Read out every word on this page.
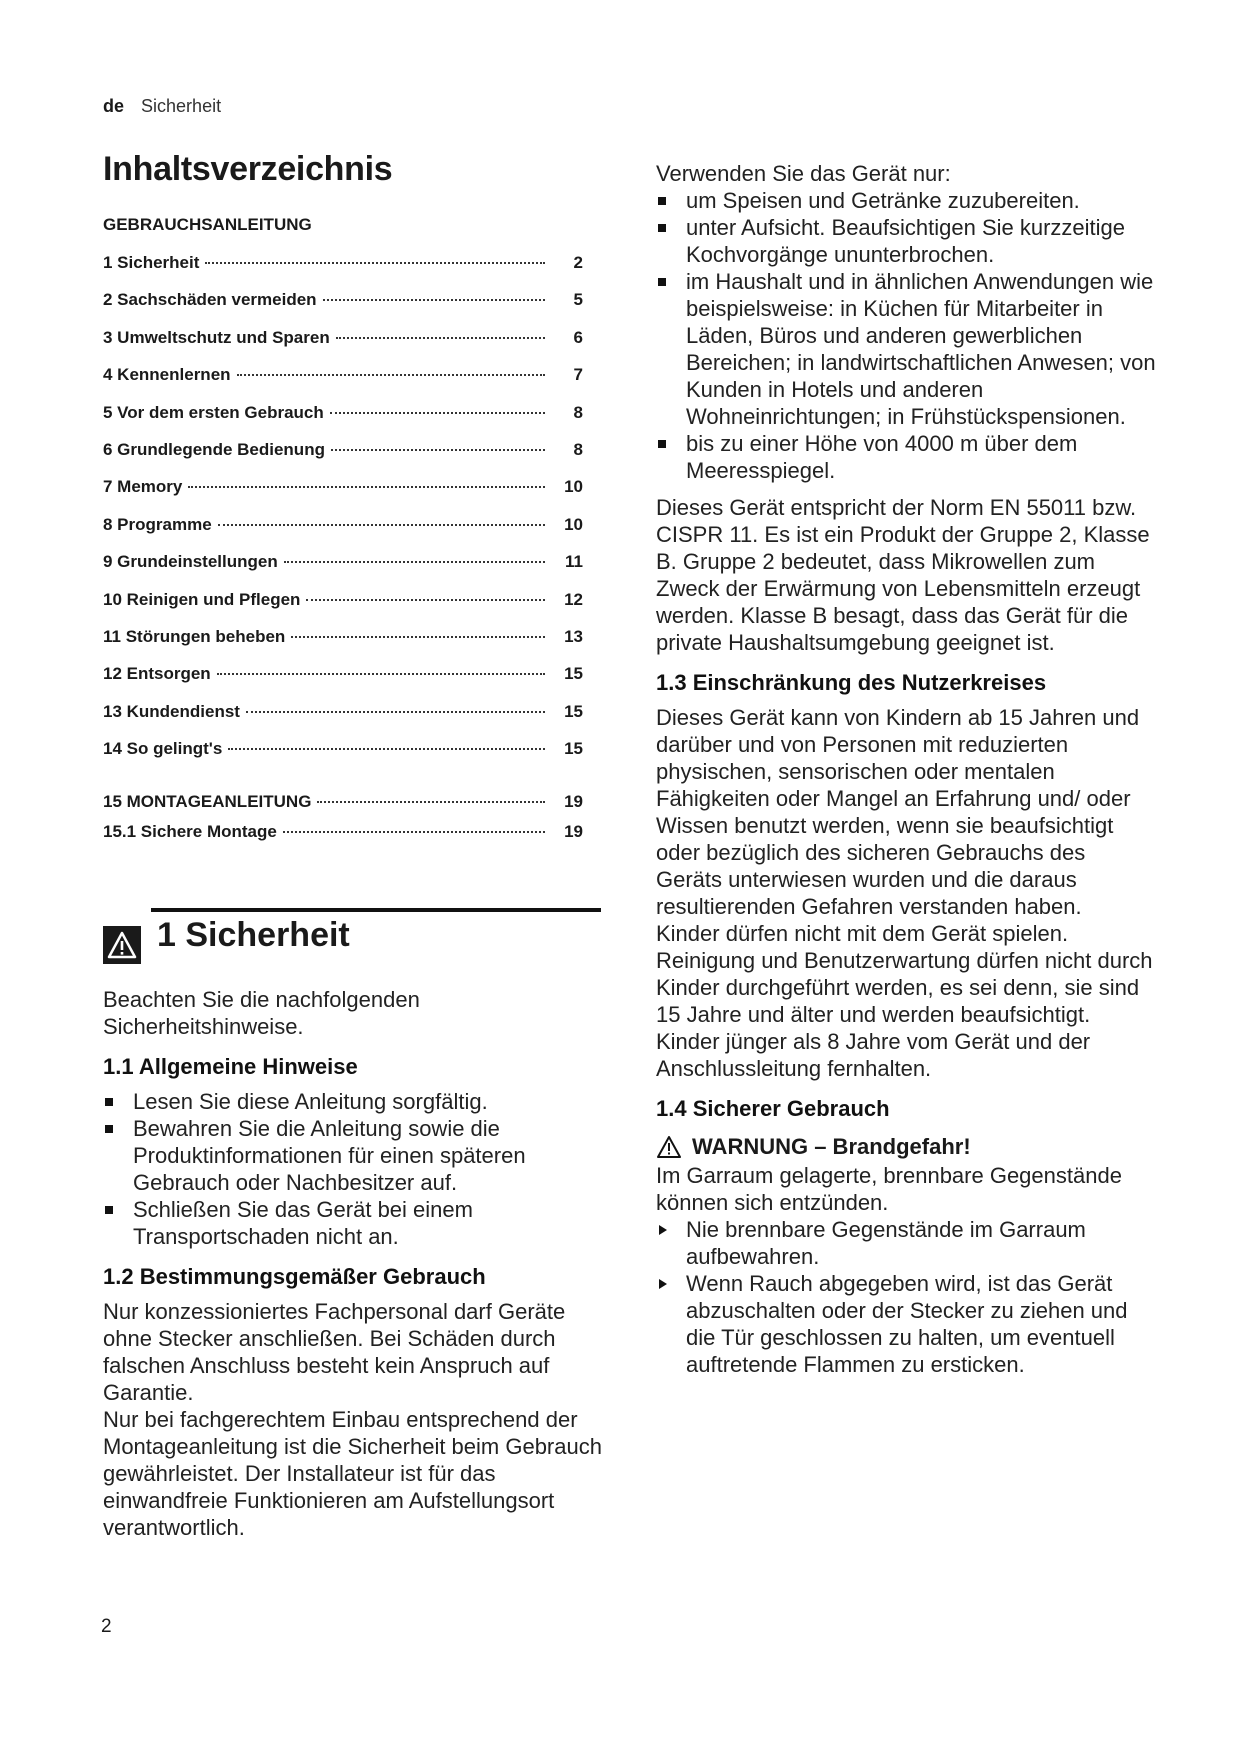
de Sicherheit
Inhaltsverzeichnis
GEBRAUCHSANLEITUNG
1 Sicherheit	2
2 Sachschäden vermeiden	5
3 Umweltschutz und Sparen	6
4 Kennenlernen	7
5 Vor dem ersten Gebrauch	8
6 Grundlegende Bedienung	8
7 Memory	10
8 Programme	10
9 Grundeinstellungen	11
10 Reinigen und Pflegen	12
11 Störungen beheben	13
12 Entsorgen	15
13 Kundendienst	15
14 So gelingt's	15
15 MONTAGEANLEITUNG	19
15.1 Sichere Montage	19
1 Sicherheit

Beachten Sie die nachfolgenden Sicherheitshinweise.

1.1 Allgemeine Hinweise
Lesen Sie diese Anleitung sorgfältig.
Bewahren Sie die Anleitung sowie die Produktinformationen für einen späteren Gebrauch oder Nachbesitzer auf.
Schließen Sie das Gerät bei einem Transportschaden nicht an.
1.2 Bestimmungsgemäßer Gebrauch

Nur konzessioniertes Fachpersonal darf Geräte ohne Stecker anschließen. Bei Schäden durch falschen Anschluss besteht kein Anspruch auf Garantie.

Nur bei fachgerechtem Einbau entsprechend der Montageanleitung ist die Sicherheit beim Gebrauch gewährleistet. Der Installateur ist für das einwandfreie Funktionieren am Aufstellungsort verantwortlich.

Verwenden Sie das Gerät nur:

um Speisen und Getränke zuzubereiten.
unter Aufsicht. Beaufsichtigen Sie kurzzeitige Kochvorgänge ununterbrochen.
im Haushalt und in ähnlichen Anwendungen wie beispielsweise: in Küchen für Mitarbeiter in Läden, Büros und anderen gewerblichen Bereichen; in landwirtschaftlichen Anwesen; von Kunden in Hotels und anderen Wohneinrichtungen; in Frühstückspensionen.
bis zu einer Höhe von 4000 m über dem Meeresspiegel.

Dieses Gerät entspricht der Norm EN 55011 bzw. CISPR 11. Es ist ein Produkt der Gruppe 2, Klasse B. Gruppe 2 bedeutet, dass Mikrowellen zum Zweck der Erwärmung von Lebensmitteln erzeugt werden. Klasse B besagt, dass das Gerät für die private Haushaltsumgebung geeignet ist.

1.3 Einschränkung des Nutzerkreises

Dieses Gerät kann von Kindern ab 15 Jahren und darüber und von Personen mit reduzierten physischen, sensorischen oder mentalen Fähigkeiten oder Mangel an Erfahrung und/ oder Wissen benutzt werden, wenn sie beaufsichtigt oder bezüglich des sicheren Gebrauchs des Geräts unterwiesen wurden und die daraus resultierenden Gefahren verstanden haben.

Kinder dürfen nicht mit dem Gerät spielen.

Reinigung und Benutzerwartung dürfen nicht durch Kinder durchgeführt werden, es sei denn, sie sind 15 Jahre und älter und werden beaufsichtigt.

Kinder jünger als 8 Jahre vom Gerät und der Anschlussleitung fernhalten.

1.4 Sicherer Gebrauch
WARNUNG – Brandgefahr!

Im Garraum gelagerte, brennbare Gegenstände können sich entzünden.

Nie brennbare Gegenstände im Garraum aufbewahren.
Wenn Rauch abgegeben wird, ist das Gerät abzuschalten oder der Stecker zu ziehen und die Tür geschlossen zu halten, um eventuell auftretende Flammen zu ersticken.
2
